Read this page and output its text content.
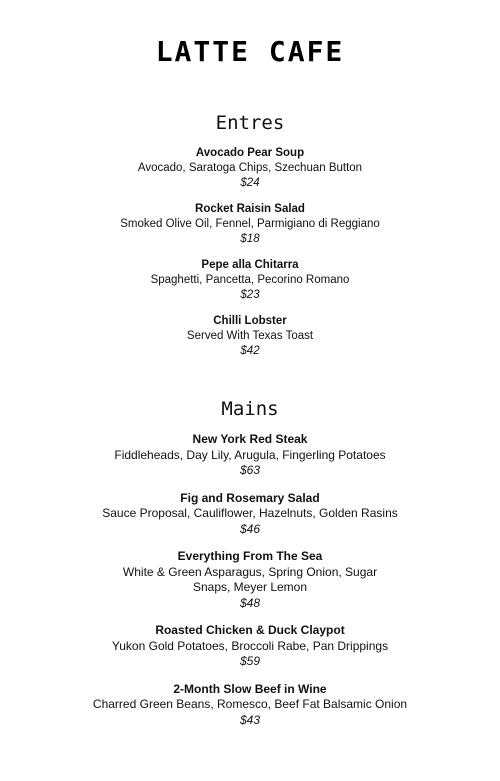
LATTE CAFE
Entres
Avocado Pear Soup
Avocado, Saratoga Chips, Szechuan Button
$24
Rocket Raisin Salad
Smoked Olive Oil, Fennel, Parmigiano di Reggiano
$18
Pepe alla Chitarra
Spaghetti, Pancetta, Pecorino Romano
$23
Chilli Lobster
Served With Texas Toast
$42
Mains
New York Red Steak
Fiddleheads, Day Lily, Arugula, Fingerling Potatoes
$63
Fig and Rosemary Salad
Sauce Proposal, Cauliflower, Hazelnuts, Golden Rasins
$46
Everything From The Sea
White & Green Asparagus, Spring Onion, Sugar Snaps, Meyer Lemon
$48
Roasted Chicken & Duck Claypot
Yukon Gold Potatoes, Broccoli Rabe, Pan Drippings
$59
2-Month Slow Beef in Wine
Charred Green Beans, Romesco, Beef Fat Balsamic Onion
$43
